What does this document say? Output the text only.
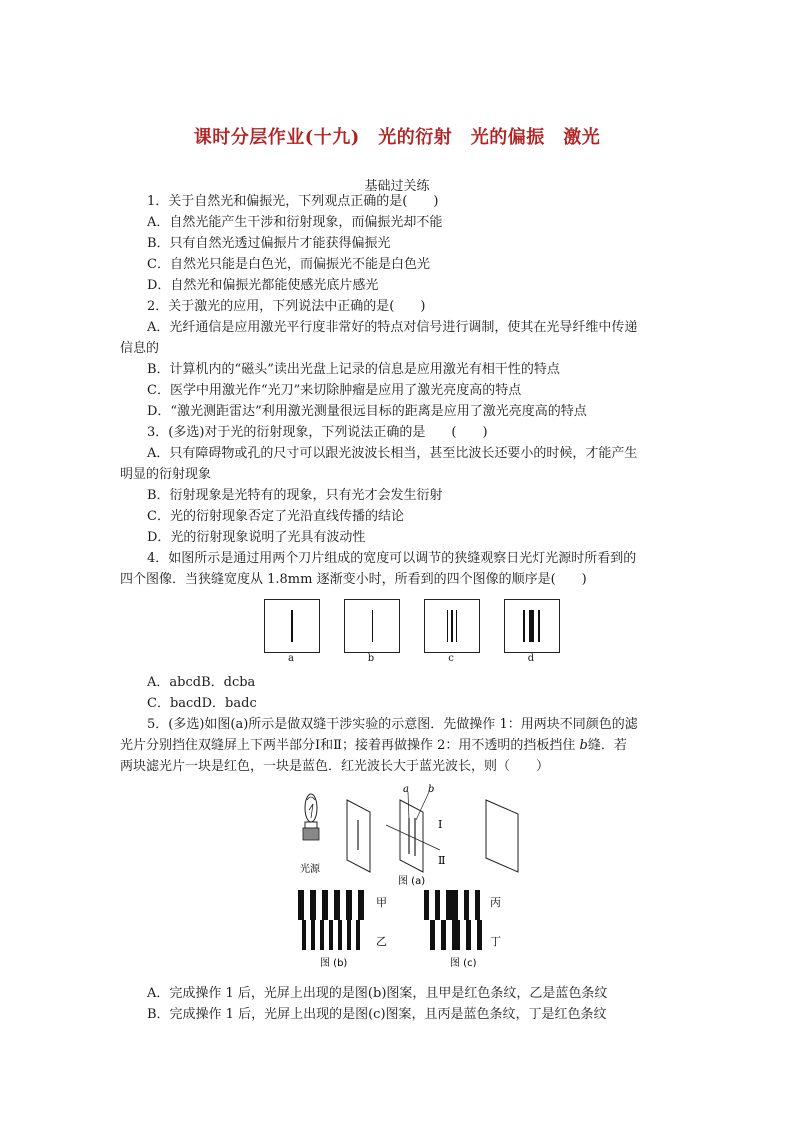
课时分层作业(十九)　光的衍射　光的偏振　激光
基础过关练
1．关于自然光和偏振光，下列观点正确的是(　　)
A．自然光能产生干涉和衍射现象，而偏振光却不能
B．只有自然光透过偏振片才能获得偏振光
C．自然光只能是白色光，而偏振光不能是白色光
D．自然光和偏振光都能使感光底片感光
2．关于激光的应用，下列说法中正确的是(　　)
A．光纤通信是应用激光平行度非常好的特点对信号进行调制，使其在光导纤维中传递
信息的
B．计算机内的“磁头”读出光盘上记录的信息是应用激光有相干性的特点
C．医学中用激光作“光刀”来切除肿瘤是应用了激光亮度高的特点
D．“激光测距雷达”利用激光测量很远目标的距离是应用了激光亮度高的特点
3．(多选)对于光的衍射现象，下列说法正确的是　　(　　)
A．只有障碍物或孔的尺寸可以跟光波波长相当，甚至比波长还要小的时候，才能产生
明显的衍射现象
B．衍射现象是光特有的现象，只有光才会发生衍射
C．光的衍射现象否定了光沿直线传播的结论
D．光的衍射现象说明了光具有波动性
4．如图所示是通过用两个刀片组成的宽度可以调节的狭缝观察日光灯光源时所看到的
四个图像．当狭缝宽度从 1.8mm 逐渐变小时，所看到的四个图像的顺序是(　　)
a	b	c	d
A．abcdB．dcba
C．bacdD．badc
5．(多选)如图(a)所示是做双缝干涉实验的示意图．先做操作 1：用两块不同颜色的滤
光片分别挡住双缝屏上下两半部分Ⅰ和Ⅱ；接着再做操作 2：用不透明的挡板挡住 b缝．若
两块滤光片一块是红色，一块是蓝色．红光波长大于蓝光波长，则（　　）
光源
a b
Ⅰ
Ⅱ
图 (a)
甲
乙
图 (b)
丙
丁
图 (c)
A．完成操作 1 后，光屏上出现的是图(b)图案，且甲是红色条纹，乙是蓝色条纹
B．完成操作 1 后，光屏上出现的是图(c)图案，且丙是蓝色条纹，丁是红色条纹
